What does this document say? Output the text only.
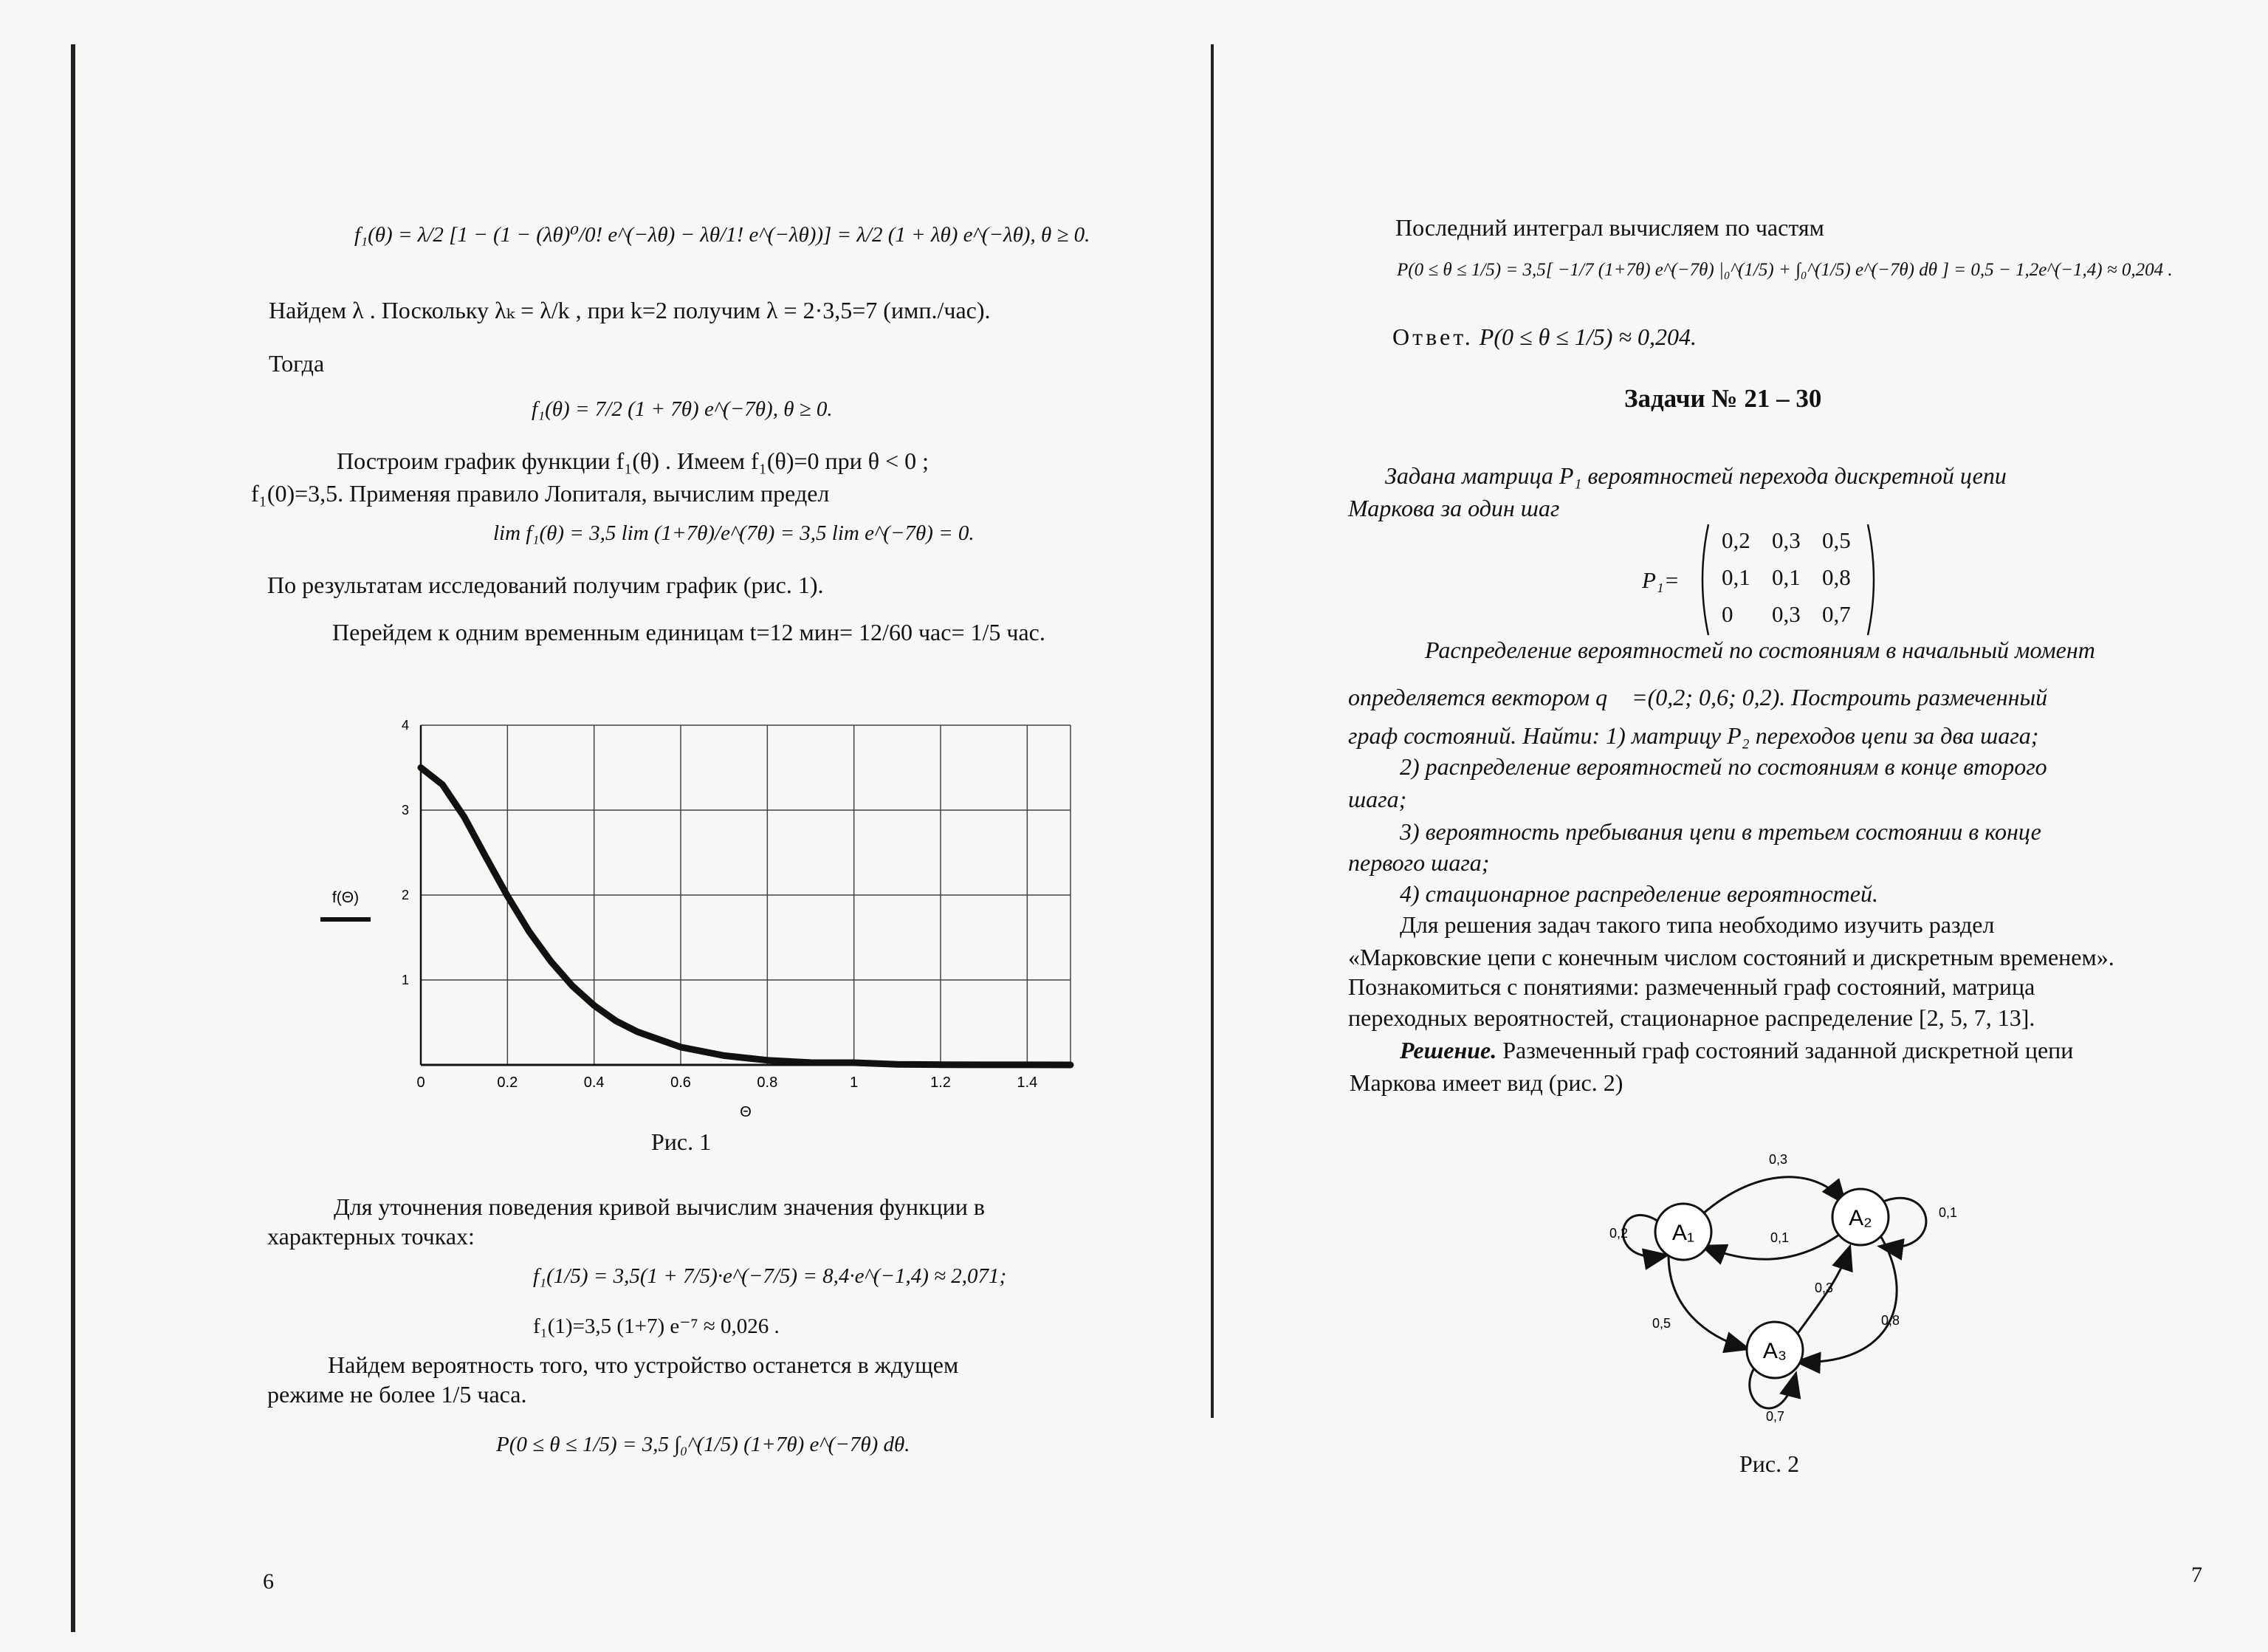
f₁(θ) = λ/2 [1 − (1 − (λθ)⁰/0! e^(−λθ) − λθ/1! e^(−λθ))] = λ/2 (1 + λθ) e^(−λθ), θ ≥ 0.
Найдем λ . Поскольку λₖ = λ/k , при k=2 получим λ = 2·3,5=7 (имп./час).
Тогда
f₁(θ) = 7/2 (1 + 7θ) e^(−7θ), θ ≥ 0.
Построим график функции f₁(θ) . Имеем f₁(θ)=0 при θ < 0 ;
f₁(0)=3,5. Применяя правило Лопиталя, вычислим предел
lim f₁(θ) = 3,5 lim (1+7θ)/e^(7θ) = 3,5 lim e^(−7θ) = 0.
По результатам исследований получим график (рис. 1).
Перейдем к одним временным единицам t=12 мин= 12/60 час= 1/5 час.
0	0.2	0.4	0.6	0.8	1	1.2	1.4
1
2
3
4
Θ
f(Θ)
Рис. 1
Для уточнения поведения кривой вычислим значения функции в
характерных точках:
f₁(1/5) = 3,5(1 + 7/5)·e^(−7/5) = 8,4·e^(−1,4) ≈ 2,071;
f₁(1)=3,5 (1+7) e⁻⁷ ≈ 0,026 .
Найдем вероятность того, что устройство останется в ждущем
режиме не более 1/5 часа.
P(0 ≤ θ ≤ 1/5) = 3,5 ∫₀^(1/5) (1+7θ) e^(−7θ) dθ.
6
Последний интеграл вычисляем по частям
P(0 ≤ θ ≤ 1/5) = 3,5[ −1/7 (1+7θ) e^(−7θ) |₀^(1/5) + ∫₀^(1/5) e^(−7θ) dθ ] = 0,5 − 1,2e^(−1,4) ≈ 0,204 .
Ответ. P(0 ≤ θ ≤ 1/5) ≈ 0,204.
Задачи № 21 – 30
Задана матрица P₁ вероятностей перехода дискретной цепи
Маркова за один шаг
P₁=
0,2 0,3 0,5
0,1 0,1 0,8
0 0,3 0,7
Распределение вероятностей по состояниям в начальный момент
определяется вектором q⃗ =(0,2; 0,6; 0,2). Построить размеченный
граф состояний. Найти: 1) матрицу P₂ переходов цепи за два шага;
2) распределение вероятностей по состояниям в конце второго
шага;
3) вероятность пребывания цепи в третьем состоянии в конце
первого шага;
4) стационарное распределение вероятностей.
Для решения задач такого типа необходимо изучить раздел
«Марковские цепи с конечным числом состояний и дискретным временем».
Познакомиться с понятиями: размеченный граф состояний, матрица
переходных вероятностей, стационарное распределение [2, 5, 7, 13].
Решение. Размеченный граф состояний заданной дискретной цепи
Маркова имеет вид (рис. 2)
A₁
A₂
A₃
0,2
0,3
0,1
0,1
0,5
0,3
0,8
0,7
Рис. 2
7
